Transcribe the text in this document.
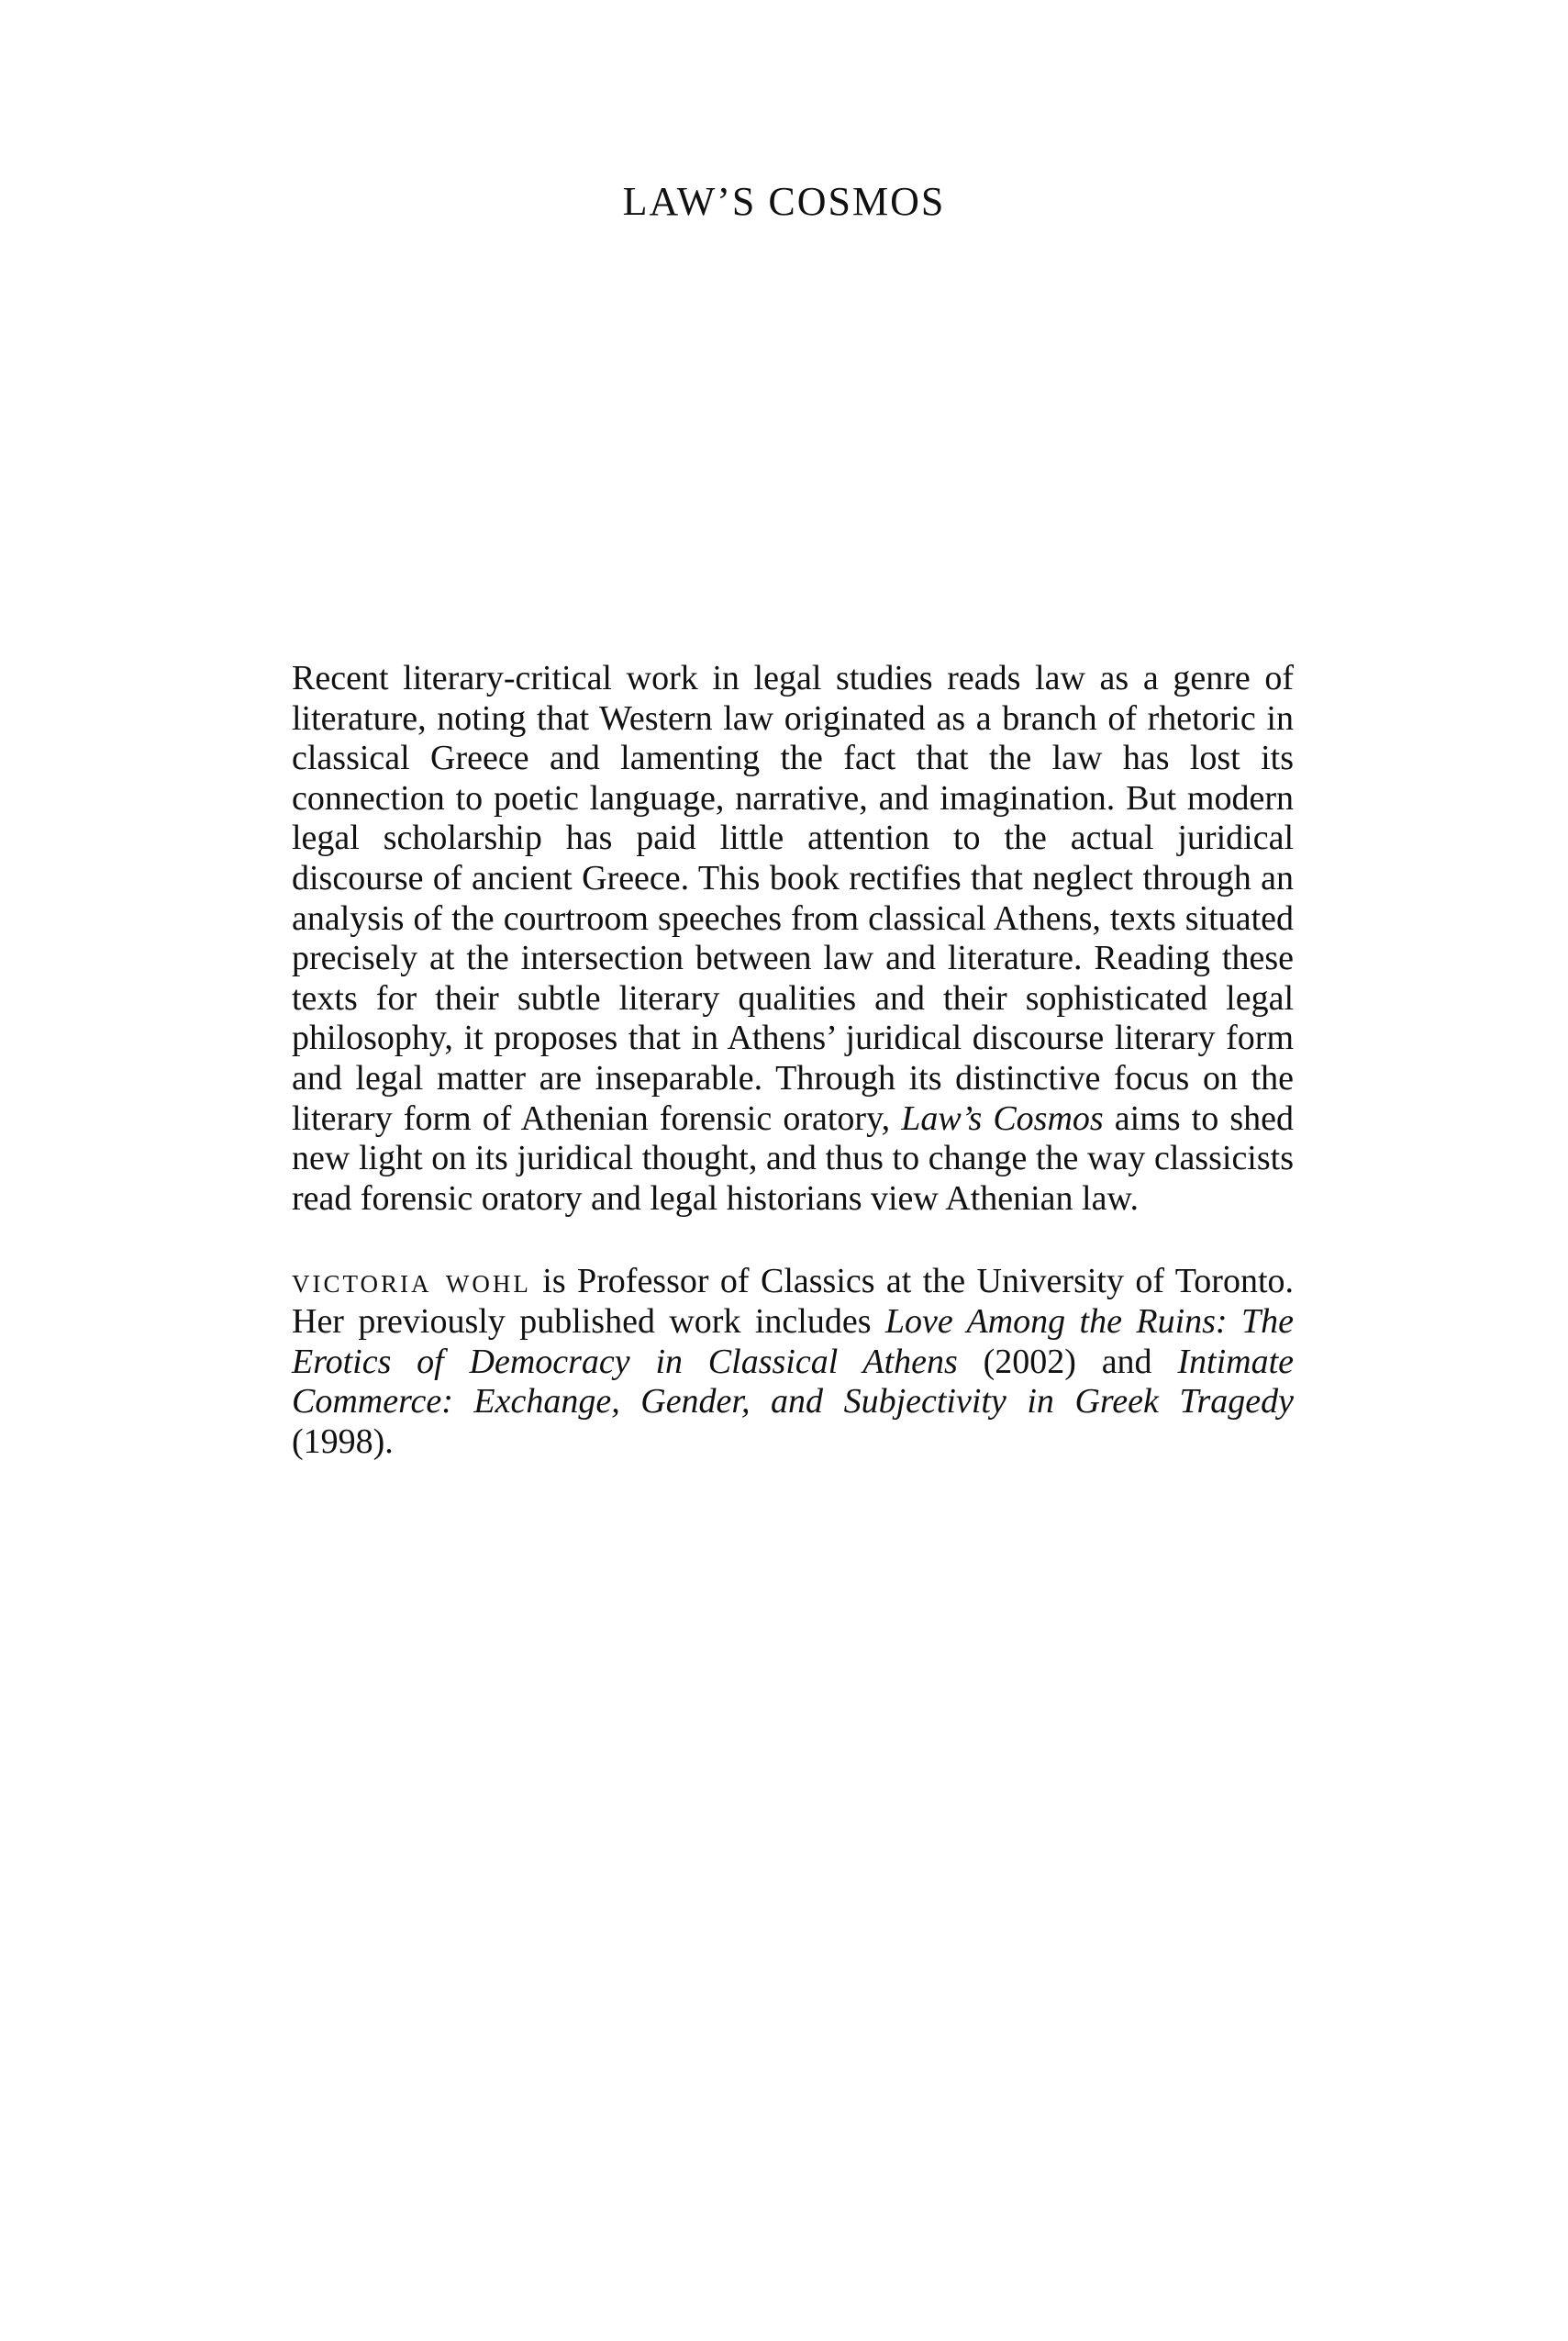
LAW’S COSMOS

Recent literary-critical work in legal studies reads law as a genre of literature, noting that Western law originated as a branch of rhetoric in classical Greece and lamenting the fact that the law has lost its connection to poetic language, narrative, and imagination. But modern legal scholarship has paid little attention to the actual juridical discourse of ancient Greece. This book rectifies that neglect through an analysis of the courtroom speeches from classical Athens, texts situated precisely at the intersection between law and literature. Reading these texts for their subtle literary qualities and their sophisticated legal philosophy, it proposes that in Athens’ juridical discourse literary form and legal matter are inseparable. Through its distinctive focus on the literary form of Athenian forensic oratory, Law’s Cosmos aims to shed new light on its juridical thought, and thus to change the way classicists read forensic oratory and legal historians view Athenian law.

victoria wohl is Professor of Classics at the University of Toronto. Her previously published work includes Love Among the Ruins: The Erotics of Democracy in Classical Athens (2002) and Intimate Commerce: Exchange, Gender, and Subjectivity in Greek Tragedy (1998).
